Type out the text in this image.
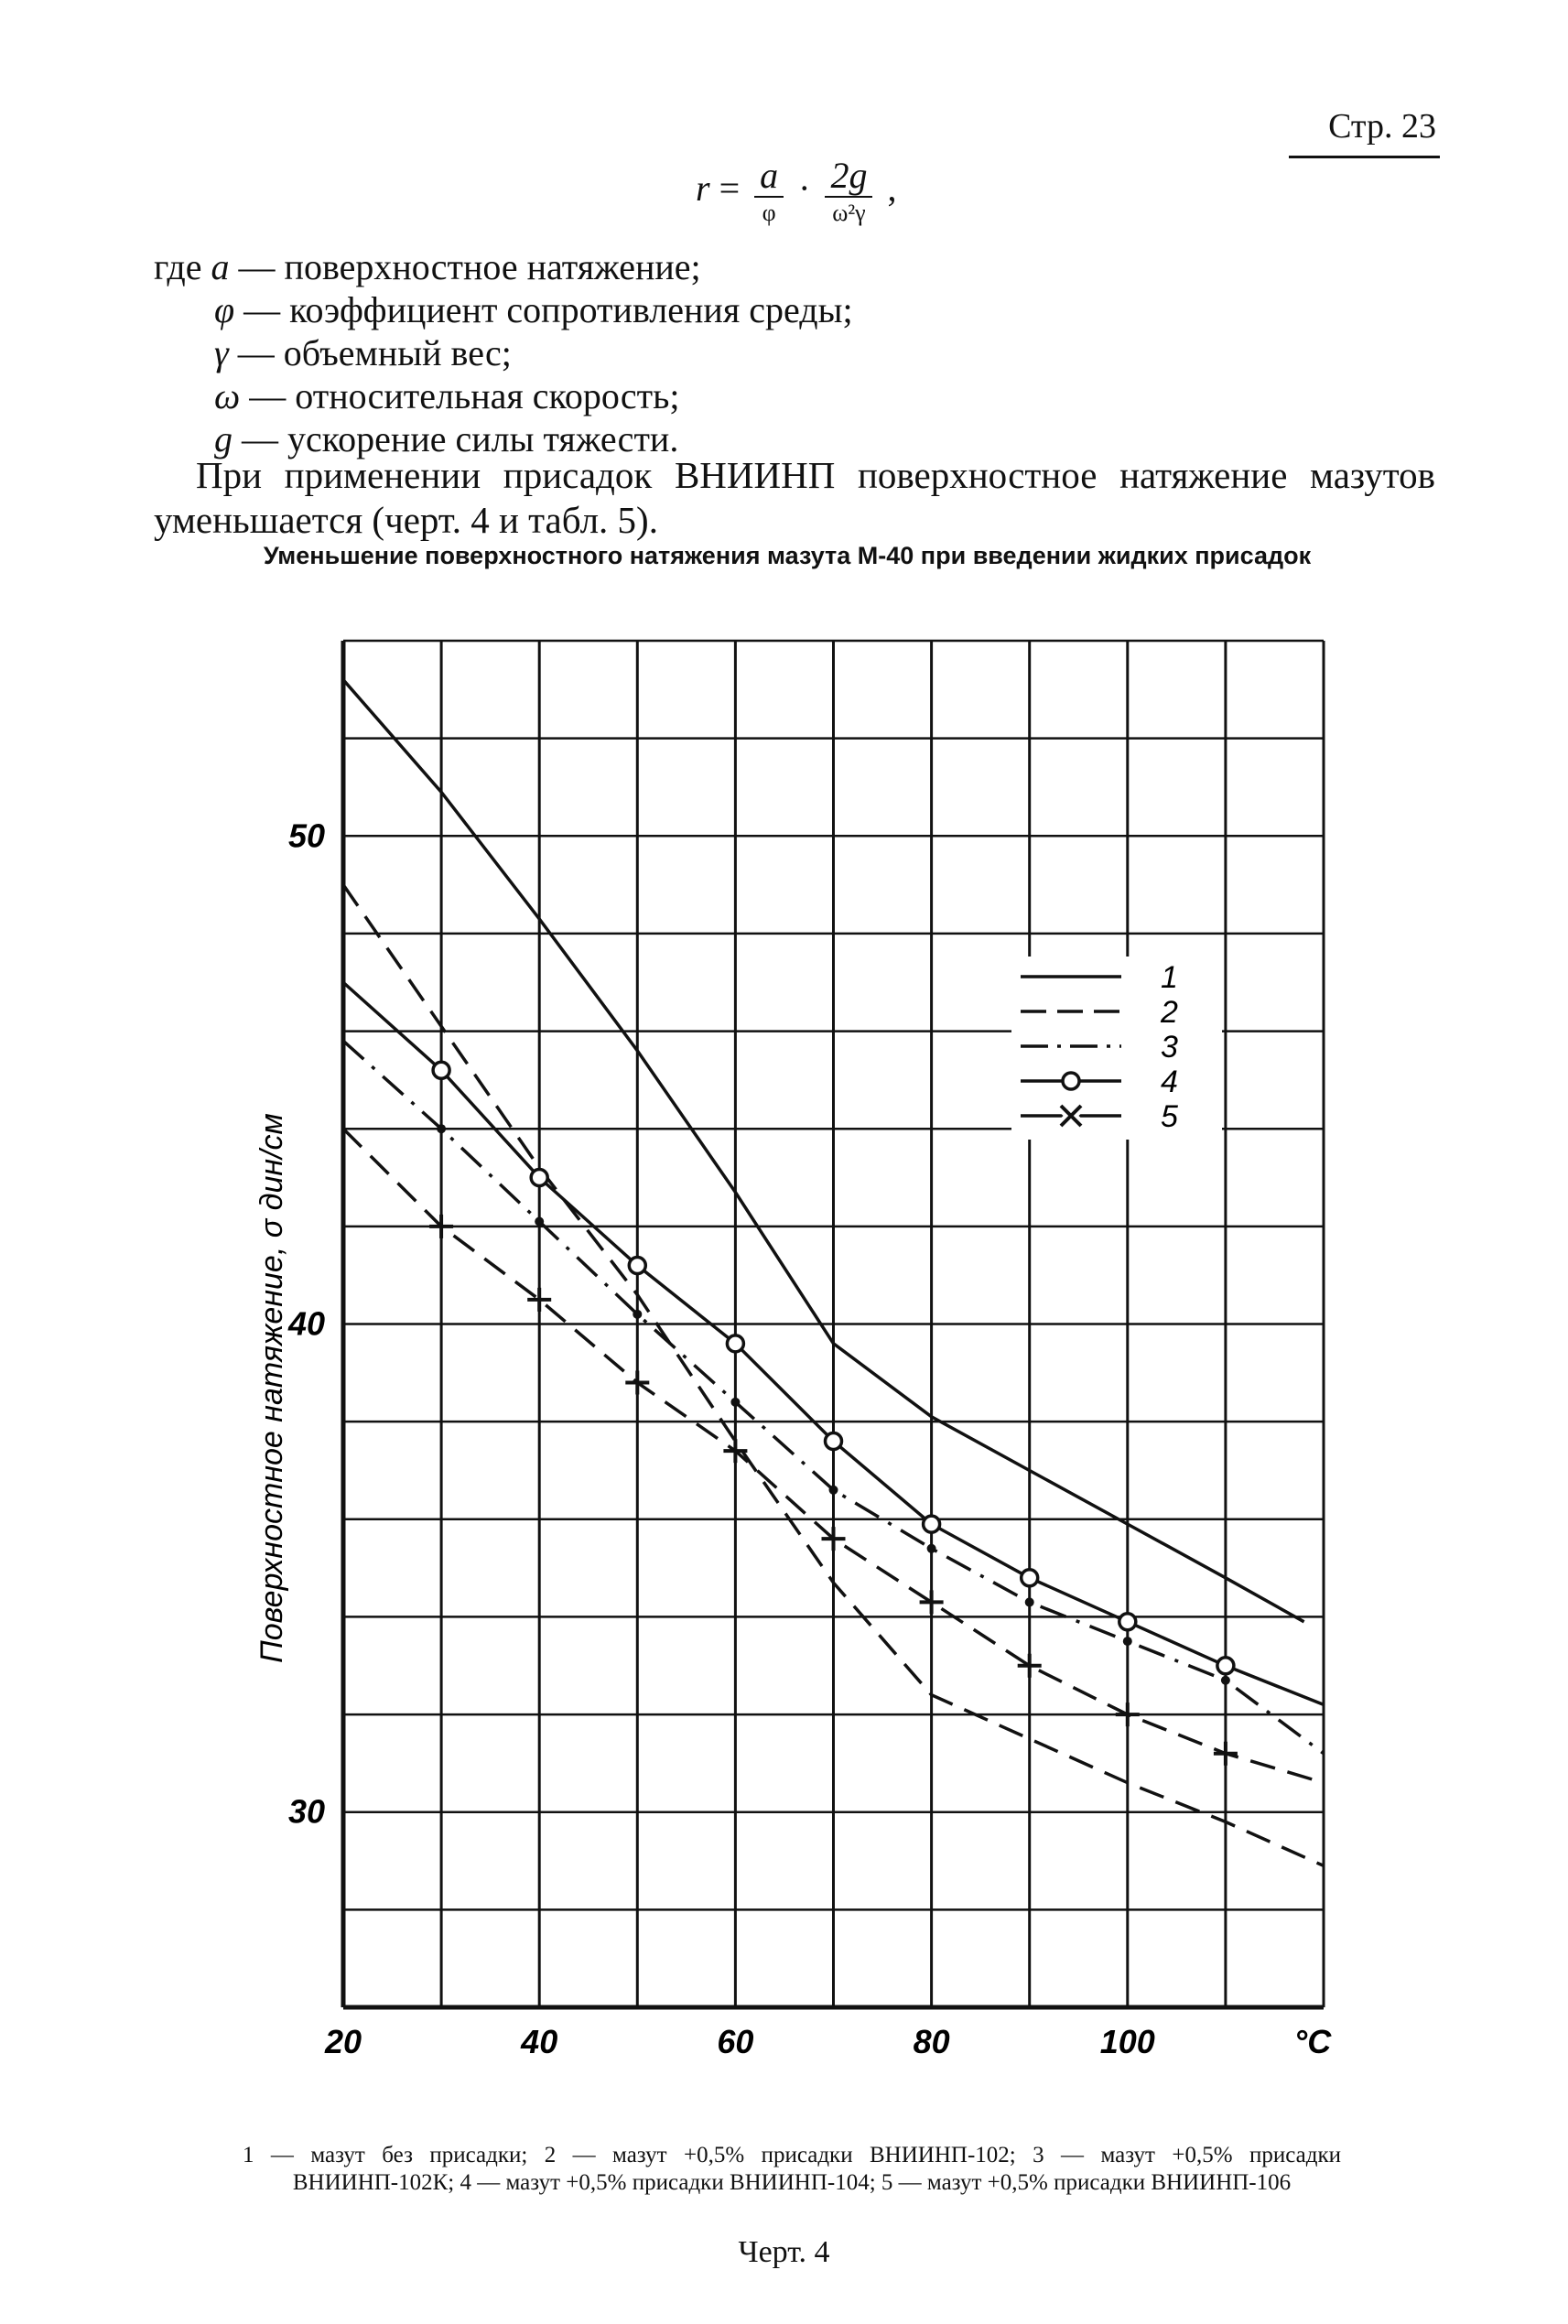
Стр. 23
$r = \frac{a}{\varphi} \cdot \frac{2g}{\text{ω²γ}}$ ,
где a — поверхностное натяжение;
φ — коэффициент сопротивления среды;
γ — объемный вес;
ω — относительная скорость;
g — ускорение силы тяжести.
При применении присадок ВНИИНП поверхностное натяжение мазутов уменьшается (черт. 4 и табл. 5).
Уменьшение поверхностного натяжения мазута М-40 при введении жидких присадок
20	40	60	80	100	°С
30
40
50
Поверхностное натяжение, σ дин/см
1
2
3
4
5
1 — мазут без присадки; 2 — мазут +0,5% присадки ВНИИНП-102; 3 — мазут +0,5% присадки ВНИИНП-102К; 4 — мазут +0,5% присадки ВНИИНП-104; 5 — мазут +0,5% присадки ВНИИНП-106
Черт. 4
